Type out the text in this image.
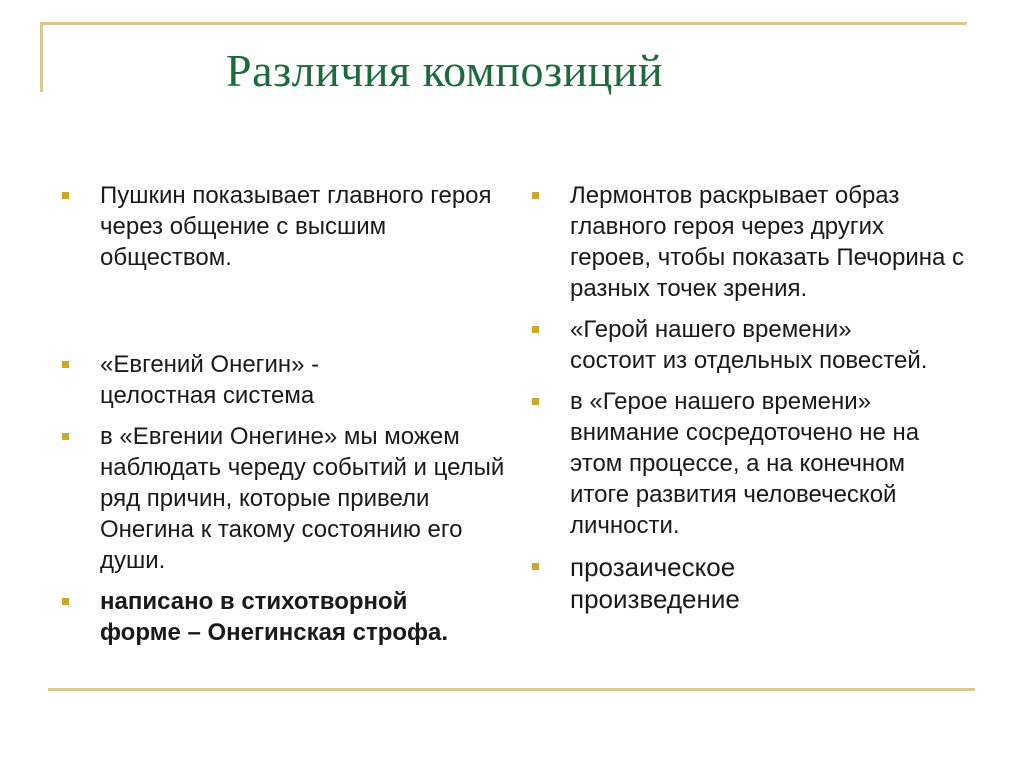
Различия композиций
Пушкин показывает главного героя через общение с высшим обществом.
«Евгений Онегин» - целостная система
в «Евгении Онегине» мы можем наблюдать череду событий и целый ряд причин, которые привели Онегина к такому состоянию его души.
написано в стихотворной форме – Онегинская строфа.
Лермонтов раскрывает образ главного героя через других героев, чтобы показать Печорина с разных точек зрения.
«Герой нашего времени» состоит из отдельных повестей.
в «Герое нашего времени» внимание сосредоточено не на этом процессе, а на конечном итоге развития человеческой личности.
прозаическое произведение
